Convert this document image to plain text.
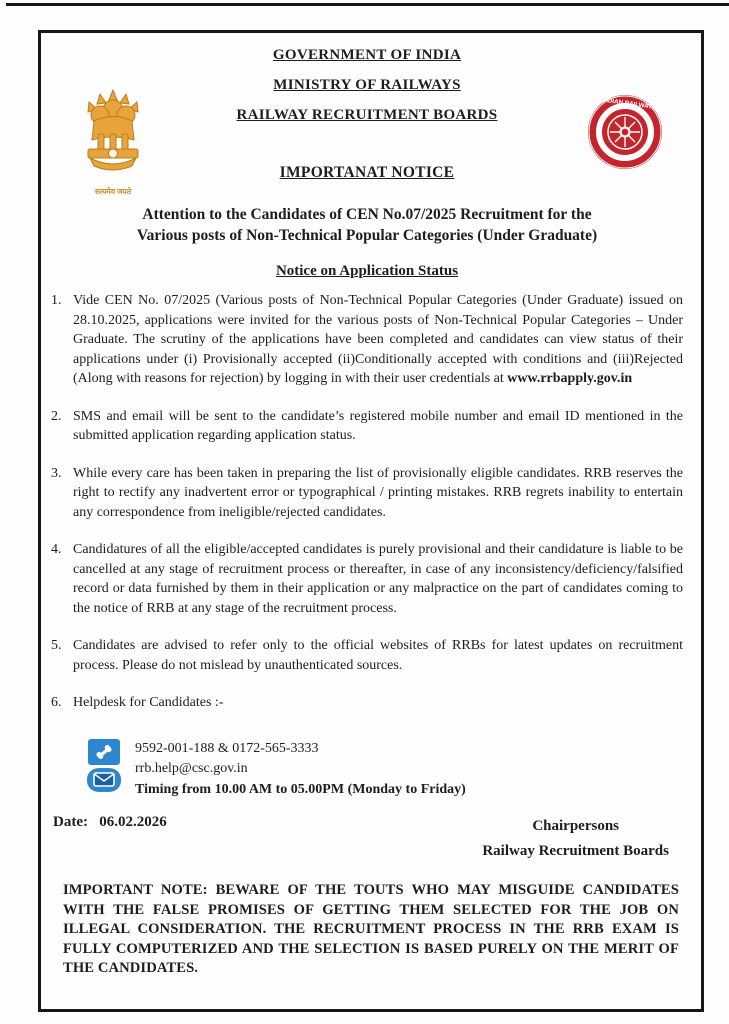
सत्यमेव जयते
INDIAN RAILWAYS
GOVERNMENT OF INDIA
MINISTRY OF RAILWAYS
RAILWAY RECRUITMENT BOARDS
IMPORTANAT NOTICE
Attention to the Candidates of CEN No.07/2025 Recruitment for the
Various posts of Non-Technical Popular Categories (Under Graduate)
Notice on Application Status
1. Vide CEN No. 07/2025 (Various posts of Non-Technical Popular Categories (Under Graduate) issued on 28.10.2025, applications were invited for the various posts of Non-Technical Popular Categories – Under Graduate. The scrutiny of the applications have been completed and candidates can view status of their applications under (i) Provisionally accepted (ii)Conditionally accepted with conditions and (iii)Rejected (Along with reasons for rejection) by logging in with their user credentials at www.rrbapply.gov.in
2. SMS and email will be sent to the candidate’s registered mobile number and email ID mentioned in the submitted application regarding application status.
3. While every care has been taken in preparing the list of provisionally eligible candidates. RRB reserves the right to rectify any inadvertent error or typographical / printing mistakes. RRB regrets inability to entertain any correspondence from ineligible/rejected candidates.
4. Candidatures of all the eligible/accepted candidates is purely provisional and their candidature is liable to be cancelled at any stage of recruitment process or thereafter, in case of any inconsistency/deficiency/falsified record or data furnished by them in their application or any malpractice on the part of candidates coming to the notice of RRB at any stage of the recruitment process.
5. Candidates are advised to refer only to the official websites of RRBs for latest updates on recruitment process. Please do not mislead by unauthenticated sources.
6. Helpdesk for Candidates :-
9592-001-188 & 0172-565-3333
rrb.help@csc.gov.in
Timing from 10.00 AM to 05.00PM (Monday to Friday)
Date: 06.02.2026	Chairpersons
Railway Recruitment Boards
IMPORTANT NOTE: BEWARE OF THE TOUTS WHO MAY MISGUIDE CANDIDATES WITH THE FALSE PROMISES OF GETTING THEM SELECTED FOR THE JOB ON ILLEGAL CONSIDERATION. THE RECRUITMENT PROCESS IN THE RRB EXAM IS FULLY COMPUTERIZED AND THE SELECTION IS BASED PURELY ON THE MERIT OF THE CANDIDATES.
